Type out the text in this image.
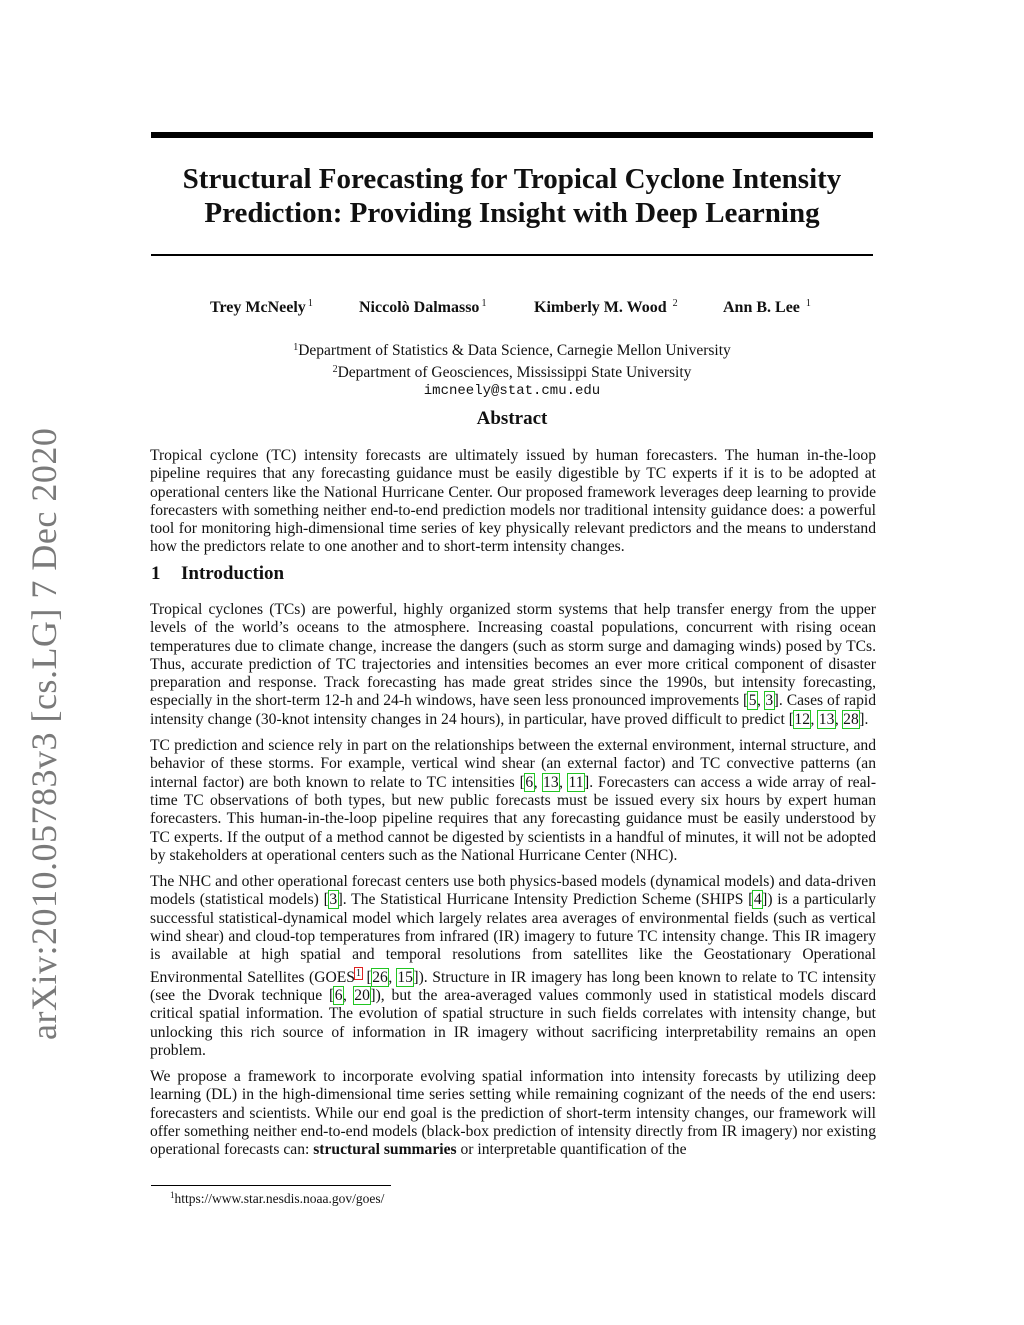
arXiv:2010.05783v3 [cs.LG] 7 Dec 2020
Structural Forecasting for Tropical Cyclone Intensity
Prediction: Providing Insight with Deep Learning
Trey McNeely $^1$	Niccolò Dalmasso $^1$	Kimberly M. Wood $^2$	Ann B. Lee $^1$
$^1$Department of Statistics & Data Science, Carnegie Mellon University
$^2$Department of Geosciences, Mississippi State University
imcneely@stat.cmu.edu
Abstract
Tropical cyclone (TC) intensity forecasts are ultimately issued by human forecasters. The human in-the-loop pipeline requires that any forecasting guidance must be easily digestible by TC experts if it is to be adopted at operational centers like the National Hurricane Center. Our proposed framework leverages deep learning to provide forecasters with something neither end-to-end prediction models nor traditional intensity guidance does: a powerful tool for monitoring high-dimensional time series of key physically relevant predictors and the means to understand how the predictors relate to one another and to short-term intensity changes.
1 Introduction

Tropical cyclones (TCs) are powerful, highly organized storm systems that help transfer energy from the upper levels of the world’s oceans to the atmosphere. Increasing coastal populations, concurrent with rising ocean temperatures due to climate change, increase the dangers (such as storm surge and damaging winds) posed by TCs. Thus, accurate prediction of TC trajectories and intensities becomes an ever more critical component of disaster preparation and response. Track forecasting has made great strides since the 1990s, but intensity forecasting, especially in the short-term 12-h and 24-h windows, have seen less pronounced improvements [5, 3]. Cases of rapid intensity change (30-knot intensity changes in 24 hours), in particular, have proved difficult to predict [12, 13, 28].

TC prediction and science rely in part on the relationships between the external environment, internal structure, and behavior of these storms. For example, vertical wind shear (an external factor) and TC convective patterns (an internal factor) are both known to relate to TC intensities [6, 13, 11]. Forecasters can access a wide array of real-time TC observations of both types, but new public forecasts must be issued every six hours by expert human forecasters. This human-in-the-loop pipeline requires that any forecasting guidance must be easily understood by TC experts. If the output of a method cannot be digested by scientists in a handful of minutes, it will not be adopted by stakeholders at operational centers such as the National Hurricane Center (NHC).

The NHC and other operational forecast centers use both physics-based models (dynamical models) and data-driven models (statistical models) [3]. The Statistical Hurricane Intensity Prediction Scheme (SHIPS [4]) is a particularly successful statistical-dynamical model which largely relates area averages of environmental fields (such as vertical wind shear) and cloud-top temperatures from infrared (IR) imagery to future TC intensity change. This IR imagery is available at high spatial and temporal resolutions from satellites like the Geostationary Operational Environmental Satellites (GOES$^1$ [26, 15]). Structure in IR imagery has long been known to relate to TC intensity (see the Dvorak technique [6, 20]), but the area-averaged values commonly used in statistical models discard critical spatial information. The evolution of spatial structure in such fields correlates with intensity change, but unlocking this rich source of information in IR imagery without sacrificing interpretability remains an open problem.

We propose a framework to incorporate evolving spatial information into intensity forecasts by utilizing deep learning (DL) in the high-dimensional time series setting while remaining cognizant of the needs of the end users: forecasters and scientists. While our end goal is the prediction of short-term intensity changes, our framework will offer something neither end-to-end models (black-box prediction of intensity directly from IR imagery) nor existing operational forecasts can: structural summaries or interpretable quantification of the

$^1$https://www.star.nesdis.noaa.gov/goes/
